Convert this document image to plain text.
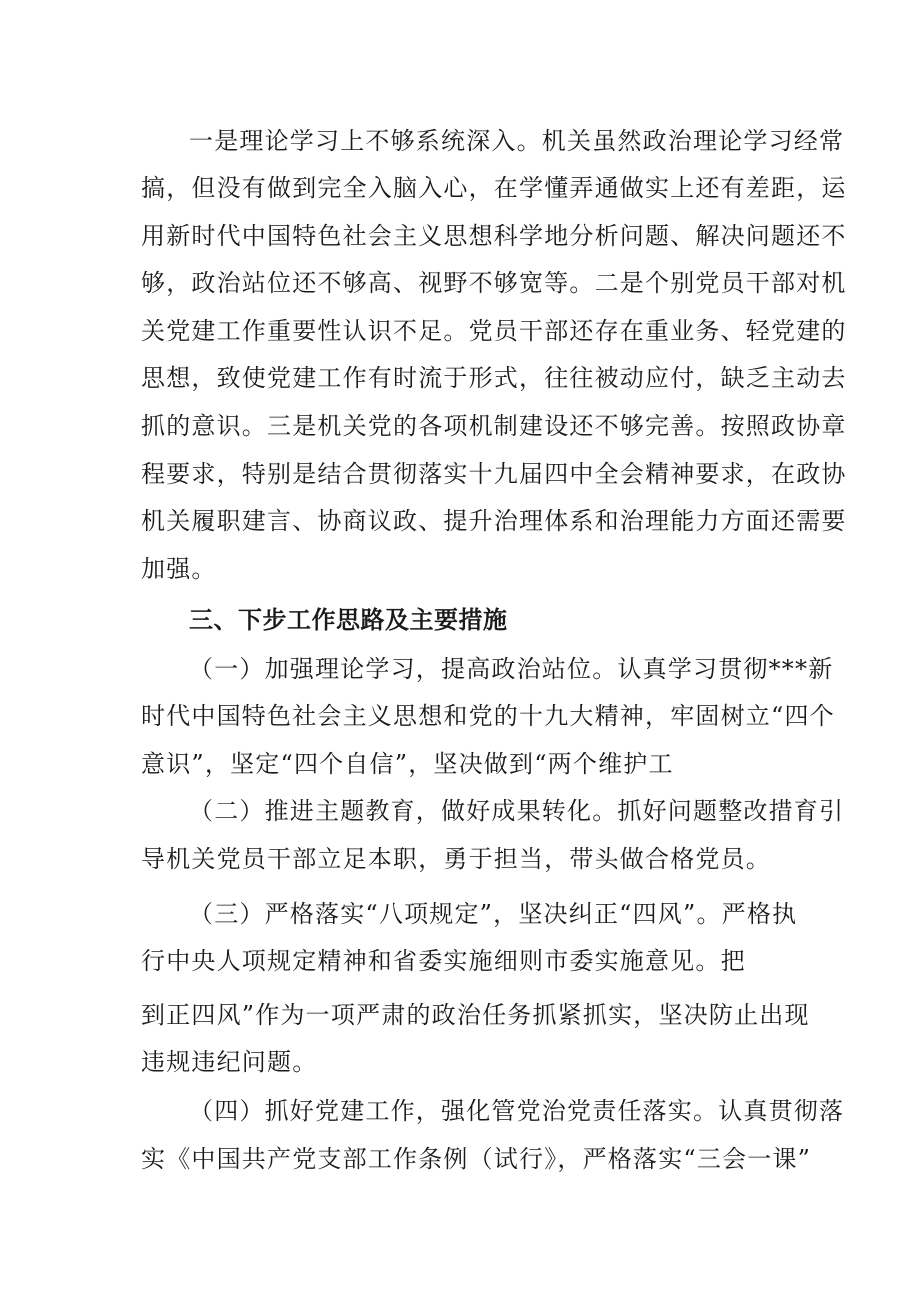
一是理论学习上不够系统深入。机关虽然政治理论学习经常
搞，但没有做到完全入脑入心，在学懂弄通做实上还有差距，运
用新时代中国特色社会主义思想科学地分析问题、解决问题还不
够，政治站位还不够高、视野不够宽等。二是个别党员干部对机
关党建工作重要性认识不足。党员干部还存在重业务、轻党建的
思想，致使党建工作有时流于形式，往往被动应付，缺乏主动去
抓的意识。三是机关党的各项机制建设还不够完善。按照政协章
程要求，特别是结合贯彻落实十九届四中全会精神要求，在政协
机关履职建言、协商议政、提升治理体系和治理能力方面还需要
加强。
三、下步工作思路及主要措施
（一）加强理论学习，提高政治站位。认真学习贯彻***新
时代中国特色社会主义思想和党的十九大精神，牢固树立“四个
意识”，坚定“四个自信”，坚决做到“两个维护工
（二）推进主题教育，做好成果转化。抓好问题整改措育引
导机关党员干部立足本职，勇于担当，带头做合格党员。
（三）严格落实“八项规定”，坚决纠正“四风”。严格执
行中央人项规定精神和省委实施细则市委实施意见。把
到正四风”作为一项严肃的政治任务抓紧抓实，坚决防止出现
违规违纪问题。
（四）抓好党建工作，强化管党治党责任落实。认真贯彻落
实《中国共产党支部工作条例（试行》，严格落实“三会一课”
